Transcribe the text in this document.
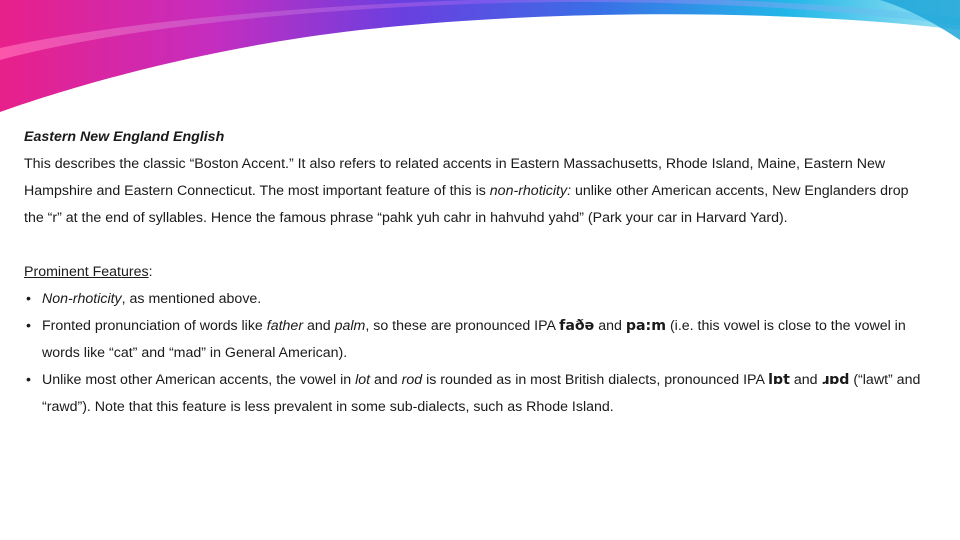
Eastern New England English

This describes the classic “Boston Accent.” It also refers to related accents in Eastern Massachusetts, Rhode Island, Maine, Eastern New Hampshire and Eastern Connecticut. The most important feature of this is non-rhoticity: unlike other American accents, New Englanders drop the “r” at the end of syllables. Hence the famous phrase “pahk yuh cahr in hahvuhd yahd” (Park your car in Harvard Yard).

Prominent Features:

• Non-rhoticity, as mentioned above.
• Fronted pronunciation of words like father and palm, so these are pronounced IPA faðə and pa:m (i.e. this vowel is close to the vowel in words like “cat” and “mad” in General American).
• Unlike most other American accents, the vowel in lot and rod is rounded as in most British dialects, pronounced IPA lɒt and ɹɒd (“lawt” and “rawd”). Note that this feature is less prevalent in some sub-dialects, such as Rhode Island.
